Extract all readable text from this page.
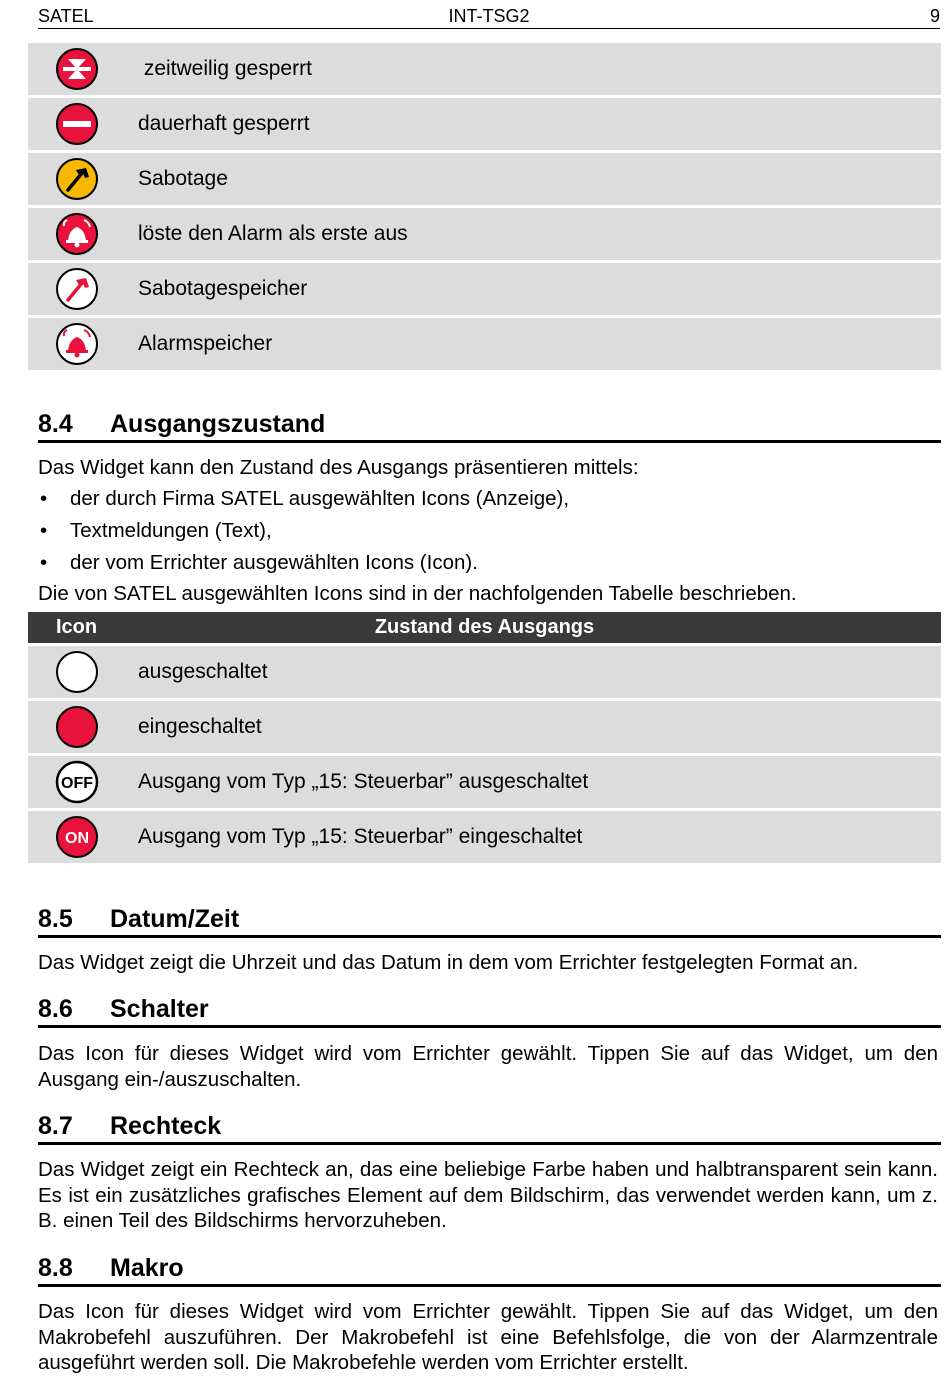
SATEL	INT-TSG2	9
zeitweilig gesperrt
dauerhaft gesperrt
Sabotage
löste den Alarm als erste aus
Sabotagespeicher
Alarmspeicher
8.4 Ausgangszustand
Das Widget kann den Zustand des Ausgangs präsentieren mittels:
• der durch Firma SATEL ausgewählten Icons (Anzeige),
• Textmeldungen (Text),
• der vom Errichter ausgewählten Icons (Icon).
Die von SATEL ausgewählten Icons sind in der nachfolgenden Tabelle beschrieben.
Zustand des Ausgangs
Icon
ausgeschaltet
eingeschaltet
OFF Ausgang vom Typ „15: Steuerbar” ausgeschaltet
ON Ausgang vom Typ „15: Steuerbar” eingeschaltet
8.5 Datum/Zeit
Das Widget zeigt die Uhrzeit und das Datum in dem vom Errichter festgelegten Format an.
8.6 Schalter
Das Icon für dieses Widget wird vom Errichter gewählt. Tippen Sie auf das Widget, um den Ausgang ein-/auszuschalten.
8.7 Rechteck
Das Widget zeigt ein Rechteck an, das eine beliebige Farbe haben und halbtransparent sein kann. Es ist ein zusätzliches grafisches Element auf dem Bildschirm, das verwendet werden kann, um z. B. einen Teil des Bildschirms hervorzuheben.
8.8 Makro
Das Icon für dieses Widget wird vom Errichter gewählt. Tippen Sie auf das Widget, um den Makrobefehl auszuführen. Der Makrobefehl ist eine Befehlsfolge, die von der Alarmzentrale ausgeführt werden soll. Die Makrobefehle werden vom Errichter erstellt.
